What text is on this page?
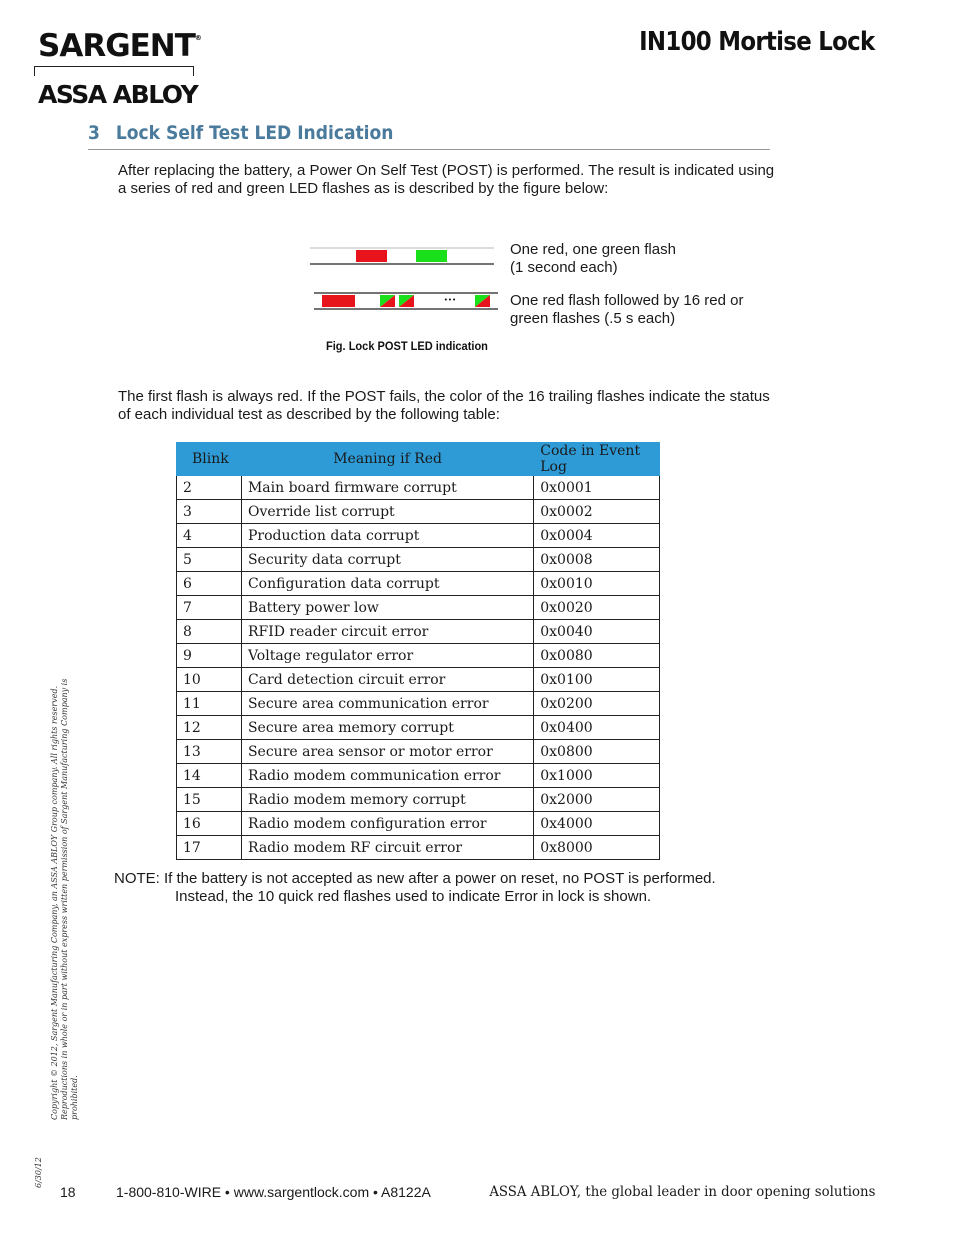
SARGENT®
ASSA ABLOY
IN100 Mortise Lock
3 Lock Self Test LED Indication
After replacing the battery, a Power On Self Test (POST) is performed. The result is indicated using a series of red and green LED flashes as is described by the figure below:
•••
One red, one green flash
(1 second each)
One red flash followed by 16 red or
green flashes (.5 s each)
Fig. Lock POST LED indication
The first flash is always red. If the POST fails, the color of the 16 trailing flashes indicate the status of each individual test as described by the following table:
Blink	Meaning if Red	Code in Event Log
2	Main board firmware corrupt	0x0001
3	Override list corrupt	0x0002
4	Production data corrupt	0x0004
5	Security data corrupt	0x0008
6	Configuration data corrupt	0x0010
7	Battery power low	0x0020
8	RFID reader circuit error	0x0040
9	Voltage regulator error	0x0080
10	Card detection circuit error	0x0100
11	Secure area communication error	0x0200
12	Secure area memory corrupt	0x0400
13	Secure area sensor or motor error	0x0800
14	Radio modem communication error	0x1000
15	Radio modem memory corrupt	0x2000
16	Radio modem configuration error	0x4000
17	Radio modem RF circuit error	0x8000
NOTE: If the battery is not accepted as new after a power on reset, no POST is performed.
Instead, the 10 quick red flashes used to indicate Error in lock is shown.
Copyright © 2012, Sargent Manufacturing Company, an ASSA ABLOY Group company. All rights reserved. Reproductions in whole or in part without express written permission of Sargent Manufacturing Company is prohibited.
6/30/12
18	1-800-810-WIRE • www.sargentlock.com • A8122A	ASSA ABLOY, the global leader in door opening solutions
